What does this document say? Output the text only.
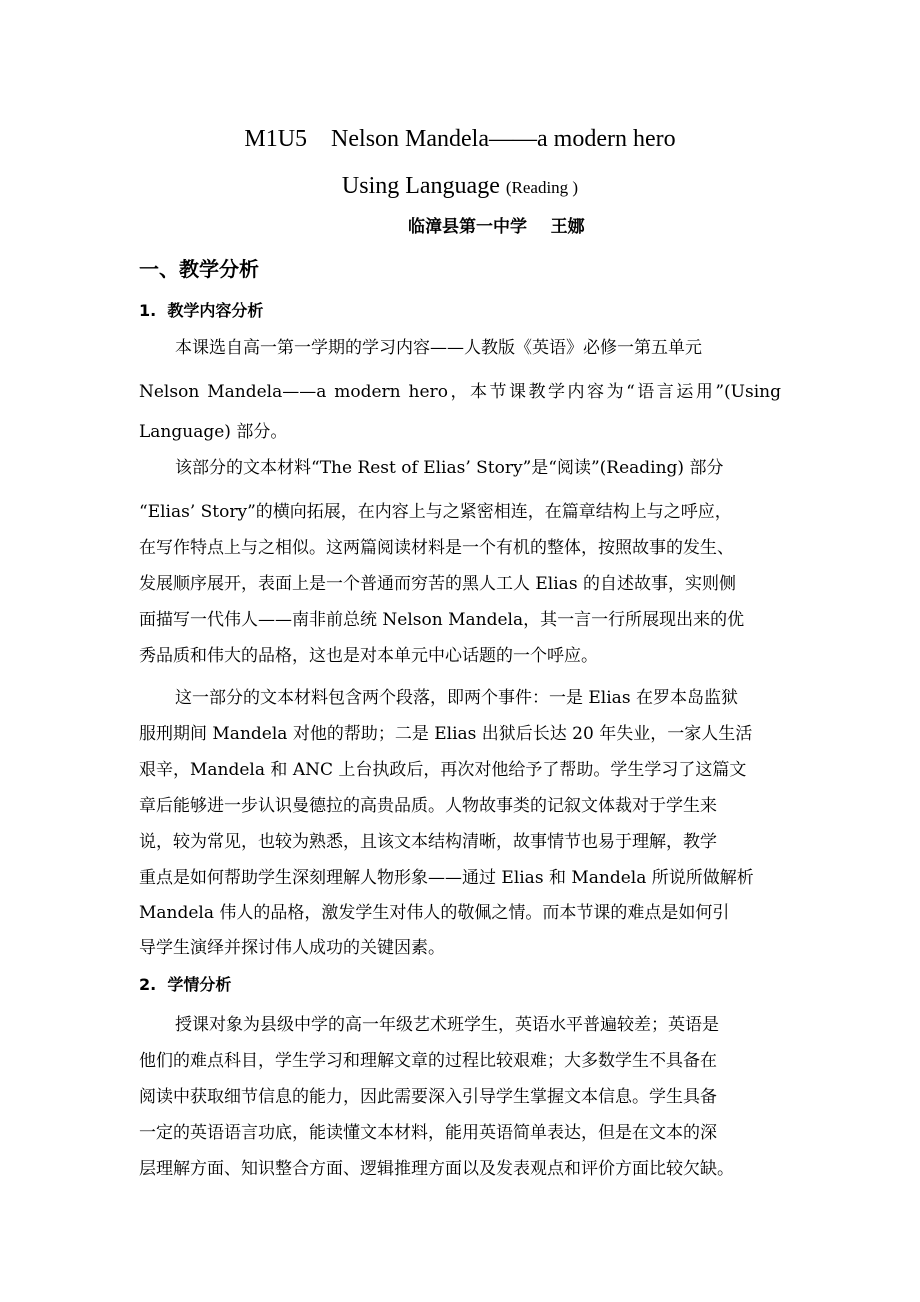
M1U5    Nelson Mandela——a modern hero
Using Language (Reading )
临漳县第一中学    王娜
一、教学分析
1.  教学内容分析
本课选自高一第一学期的学习内容——人教版《英语》必修一第五单元
Nelson Mandela——a modern hero，本节课教学内容为“语言运用”(Using
Language) 部分。
该部分的文本材料“The Rest of Elias’ Story”是“阅读”(Reading) 部分
“Elias’ Story”的横向拓展，在内容上与之紧密相连，在篇章结构上与之呼应，
在写作特点上与之相似。这两篇阅读材料是一个有机的整体，按照故事的发生、
发展顺序展开，表面上是一个普通而穷苦的黑人工人 Elias 的自述故事，实则侧
面描写一代伟人——南非前总统 Nelson Mandela，其一言一行所展现出来的优
秀品质和伟大的品格，这也是对本单元中心话题的一个呼应。
这一部分的文本材料包含两个段落，即两个事件：一是 Elias 在罗本岛监狱
服刑期间 Mandela 对他的帮助；二是 Elias 出狱后长达 20 年失业，一家人生活
艰辛，Mandela 和 ANC 上台执政后，再次对他给予了帮助。学生学习了这篇文
章后能够进一步认识曼德拉的高贵品质。人物故事类的记叙文体裁对于学生来
说，较为常见，也较为熟悉，且该文本结构清晰，故事情节也易于理解，教学
重点是如何帮助学生深刻理解人物形象——通过 Elias 和 Mandela 所说所做解析
Mandela 伟人的品格，激发学生对伟人的敬佩之情。而本节课的难点是如何引
导学生演绎并探讨伟人成功的关键因素。
2.  学情分析
授课对象为县级中学的高一年级艺术班学生，英语水平普遍较差；英语是
他们的难点科目，学生学习和理解文章的过程比较艰难；大多数学生不具备在
阅读中获取细节信息的能力，因此需要深入引导学生掌握文本信息。学生具备
一定的英语语言功底，能读懂文本材料，能用英语简单表达，但是在文本的深
层理解方面、知识整合方面、逻辑推理方面以及发表观点和评价方面比较欠缺。
